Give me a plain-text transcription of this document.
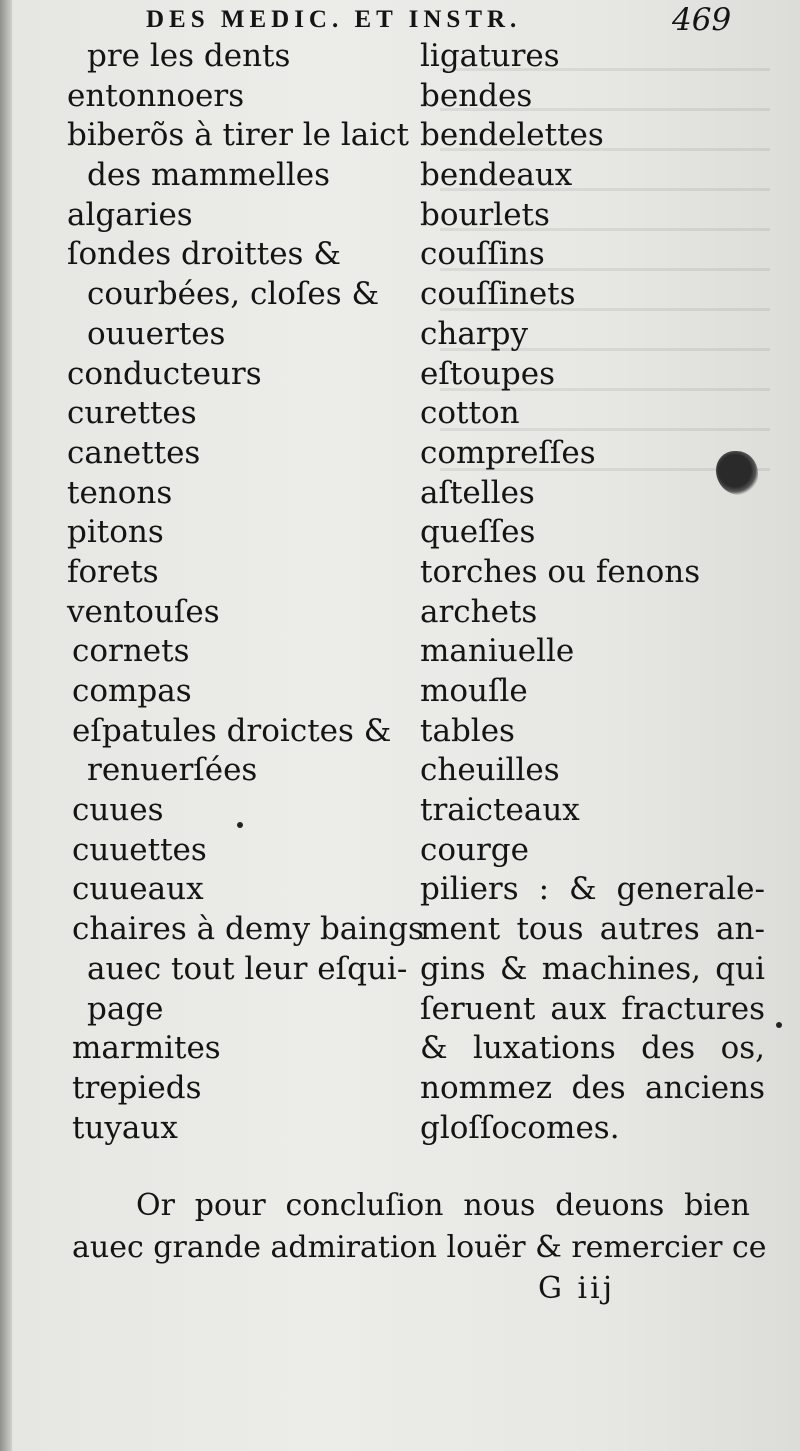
DES MEDIC. ET INSTR.	469
pre les dents
entonnoers
biberõs à tirer le laict
des mammelles
algaries
ſondes droittes &
courbées, cloſes &
ouuertes
conducteurs
curettes
canettes
tenons
pitons
forets
ventouſes
cornets
compas
eſpatules droictes &
renuerſées
cuues
cuuettes
cuueaux
chaires à demy baings
auec tout leur eſqui-
page
marmites
trepieds
tuyaux
ligatures
bendes
bendelettes
bendeaux
bourlets
couſſins
couſſinets
charpy
eſtoupes
cotton
compreſſes
aſtelles
queſſes
torches ou fenons
archets
maniuelle
mouſle
tables
cheuilles
traicteaux
courge
piliers : & generale-
ment tous autres an-
gins & machines, qui
ſeruent aux fractures
& luxations des os,
nommez des anciens
gloſſocomes.
Or pour concluſion nous deuons bien
auec grande admiration louër & remercier ce
G iij
